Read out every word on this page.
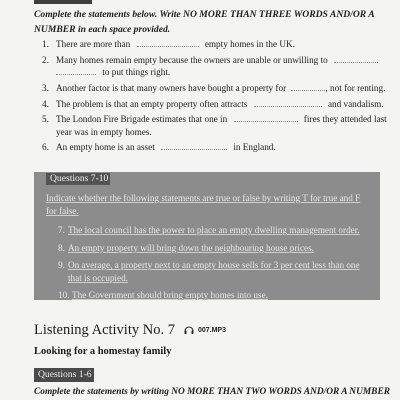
Complete the statements below. Write NO MORE THAN THREE WORDS AND/OR A
NUMBER in each space provided.

1. There are more than	empty homes in the UK.
2. Many homes remain empty because the owners are unable or unwilling to
to put things right.
3. Another factor is that many owners have bought a property for	, not for renting.
4. The problem is that an empty property often attracts	and vandalism.
5. The London Fire Brigade estimates that one in	fires they attended last year was in empty homes.
6. An empty home is an asset	in England.
Questions 7-10

Indicate whether the following statements are true or false by writing T for true and F for false.

7. The local council has the power to place an empty dwelling management order.
8. An empty property will bring down the neighbouring house prices.
9. On average, a property next to an empty house sells for 3 per cent less than one that is occupied.
10. The Government should bring empty homes into use.
Listening Activity No. 7	007.MP3

Looking for a homestay family

Questions 1-6

Complete the statements by writing NO MORE THAN TWO WORDS AND/OR A NUMBER
